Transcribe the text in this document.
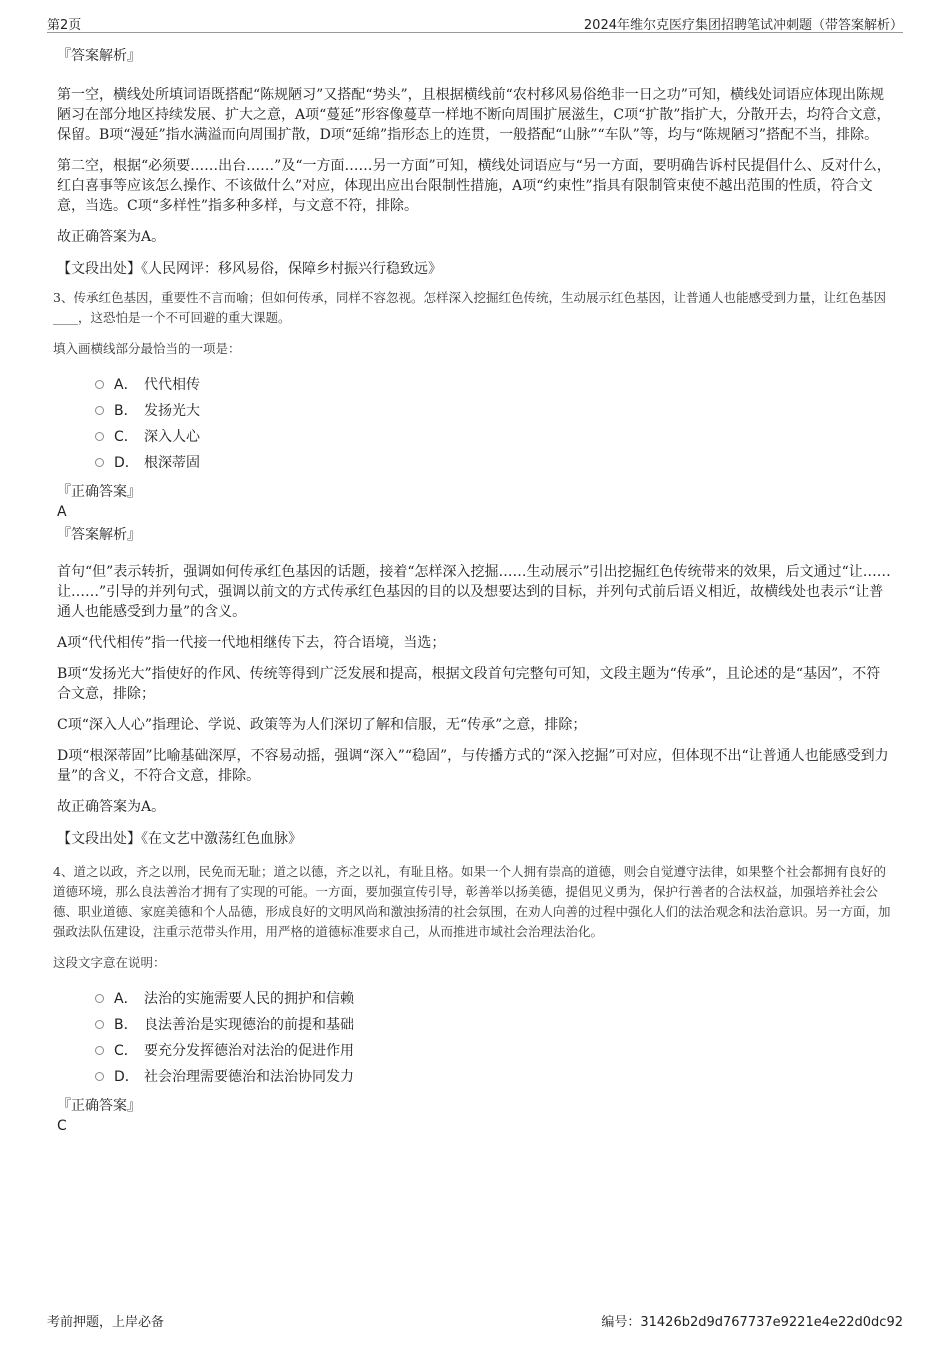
第2页	2024年维尔克医疗集团招聘笔试冲刺题（带答案解析）
『答案解析』

第一空，横线处所填词语既搭配“陈规陋习”又搭配“势头”，且根据横线前“农村移风易俗绝非一日之功”可知，横线处词语应体现出陈规陋习在部分地区持续发展、扩大之意，A项“蔓延”形容像蔓草一样地不断向周围扩展滋生，C项“扩散”指扩大，分散开去，均符合文意，保留。B项“漫延”指水满溢而向周围扩散，D项“延绵”指形态上的连贯，一般搭配“山脉”“车队”等，均与“陈规陋习”搭配不当，排除。

第二空，根据“必须要……出台……”及“一方面……另一方面”可知，横线处词语应与“另一方面，要明确告诉村民提倡什么、反对什么，红白喜事等应该怎么操作、不该做什么”对应，体现出应出台限制性措施，A项“约束性”指具有限制管束使不越出范围的性质，符合文意，当选。C项“多样性”指多种多样，与文意不符，排除。

故正确答案为A。

【文段出处】《人民网评：移风易俗，保障乡村振兴行稳致远》

3、传承红色基因，重要性不言而喻；但如何传承，同样不容忽视。怎样深入挖掘红色传统，生动展示红色基因，让普通人也能感受到力量，让红色基因____，这恐怕是一个不可回避的重大课题。

填入画横线部分最恰当的一项是：

A． 代代相传
B． 发扬光大
C． 深入人心
D． 根深蒂固
『正确答案』
A
『答案解析』

首句“但”表示转折，强调如何传承红色基因的话题，接着“怎样深入挖掘……生动展示”引出挖掘红色传统带来的效果，后文通过“让……让……”引导的并列句式，强调以前文的方式传承红色基因的目的以及想要达到的目标，并列句式前后语义相近，故横线处也表示“让普通人也能感受到力量”的含义。

A项“代代相传”指一代接一代地相继传下去，符合语境，当选；

B项“发扬光大”指使好的作风、传统等得到广泛发展和提高，根据文段首句完整句可知，文段主题为“传承”，且论述的是“基因”，不符合文意，排除；

C项“深入人心”指理论、学说、政策等为人们深切了解和信服，无“传承”之意，排除；

D项“根深蒂固”比喻基础深厚，不容易动摇，强调“深入”“稳固”，与传播方式的“深入挖掘”可对应，但体现不出“让普通人也能感受到力量”的含义，不符合文意，排除。

故正确答案为A。

【文段出处】《在文艺中激荡红色血脉》

4、道之以政，齐之以刑，民免而无耻；道之以德，齐之以礼，有耻且格。如果一个人拥有崇高的道德，则会自觉遵守法律，如果整个社会都拥有良好的道德环境，那么良法善治才拥有了实现的可能。一方面，要加强宣传引导，彰善举以扬美德，提倡见义勇为，保护行善者的合法权益，加强培养社会公德、职业道德、家庭美德和个人品德，形成良好的文明风尚和激浊扬清的社会氛围，在劝人向善的过程中强化人们的法治观念和法治意识。另一方面，加强政法队伍建设，注重示范带头作用，用严格的道德标准要求自己，从而推进市域社会治理法治化。

这段文字意在说明：

A． 法治的实施需要人民的拥护和信赖
B． 良法善治是实现德治的前提和基础
C． 要充分发挥德治对法治的促进作用
D． 社会治理需要德治和法治协同发力
『正确答案』
C
考前押题，上岸必备	编号：31426b2d9d767737e9221e4e22d0dc92
